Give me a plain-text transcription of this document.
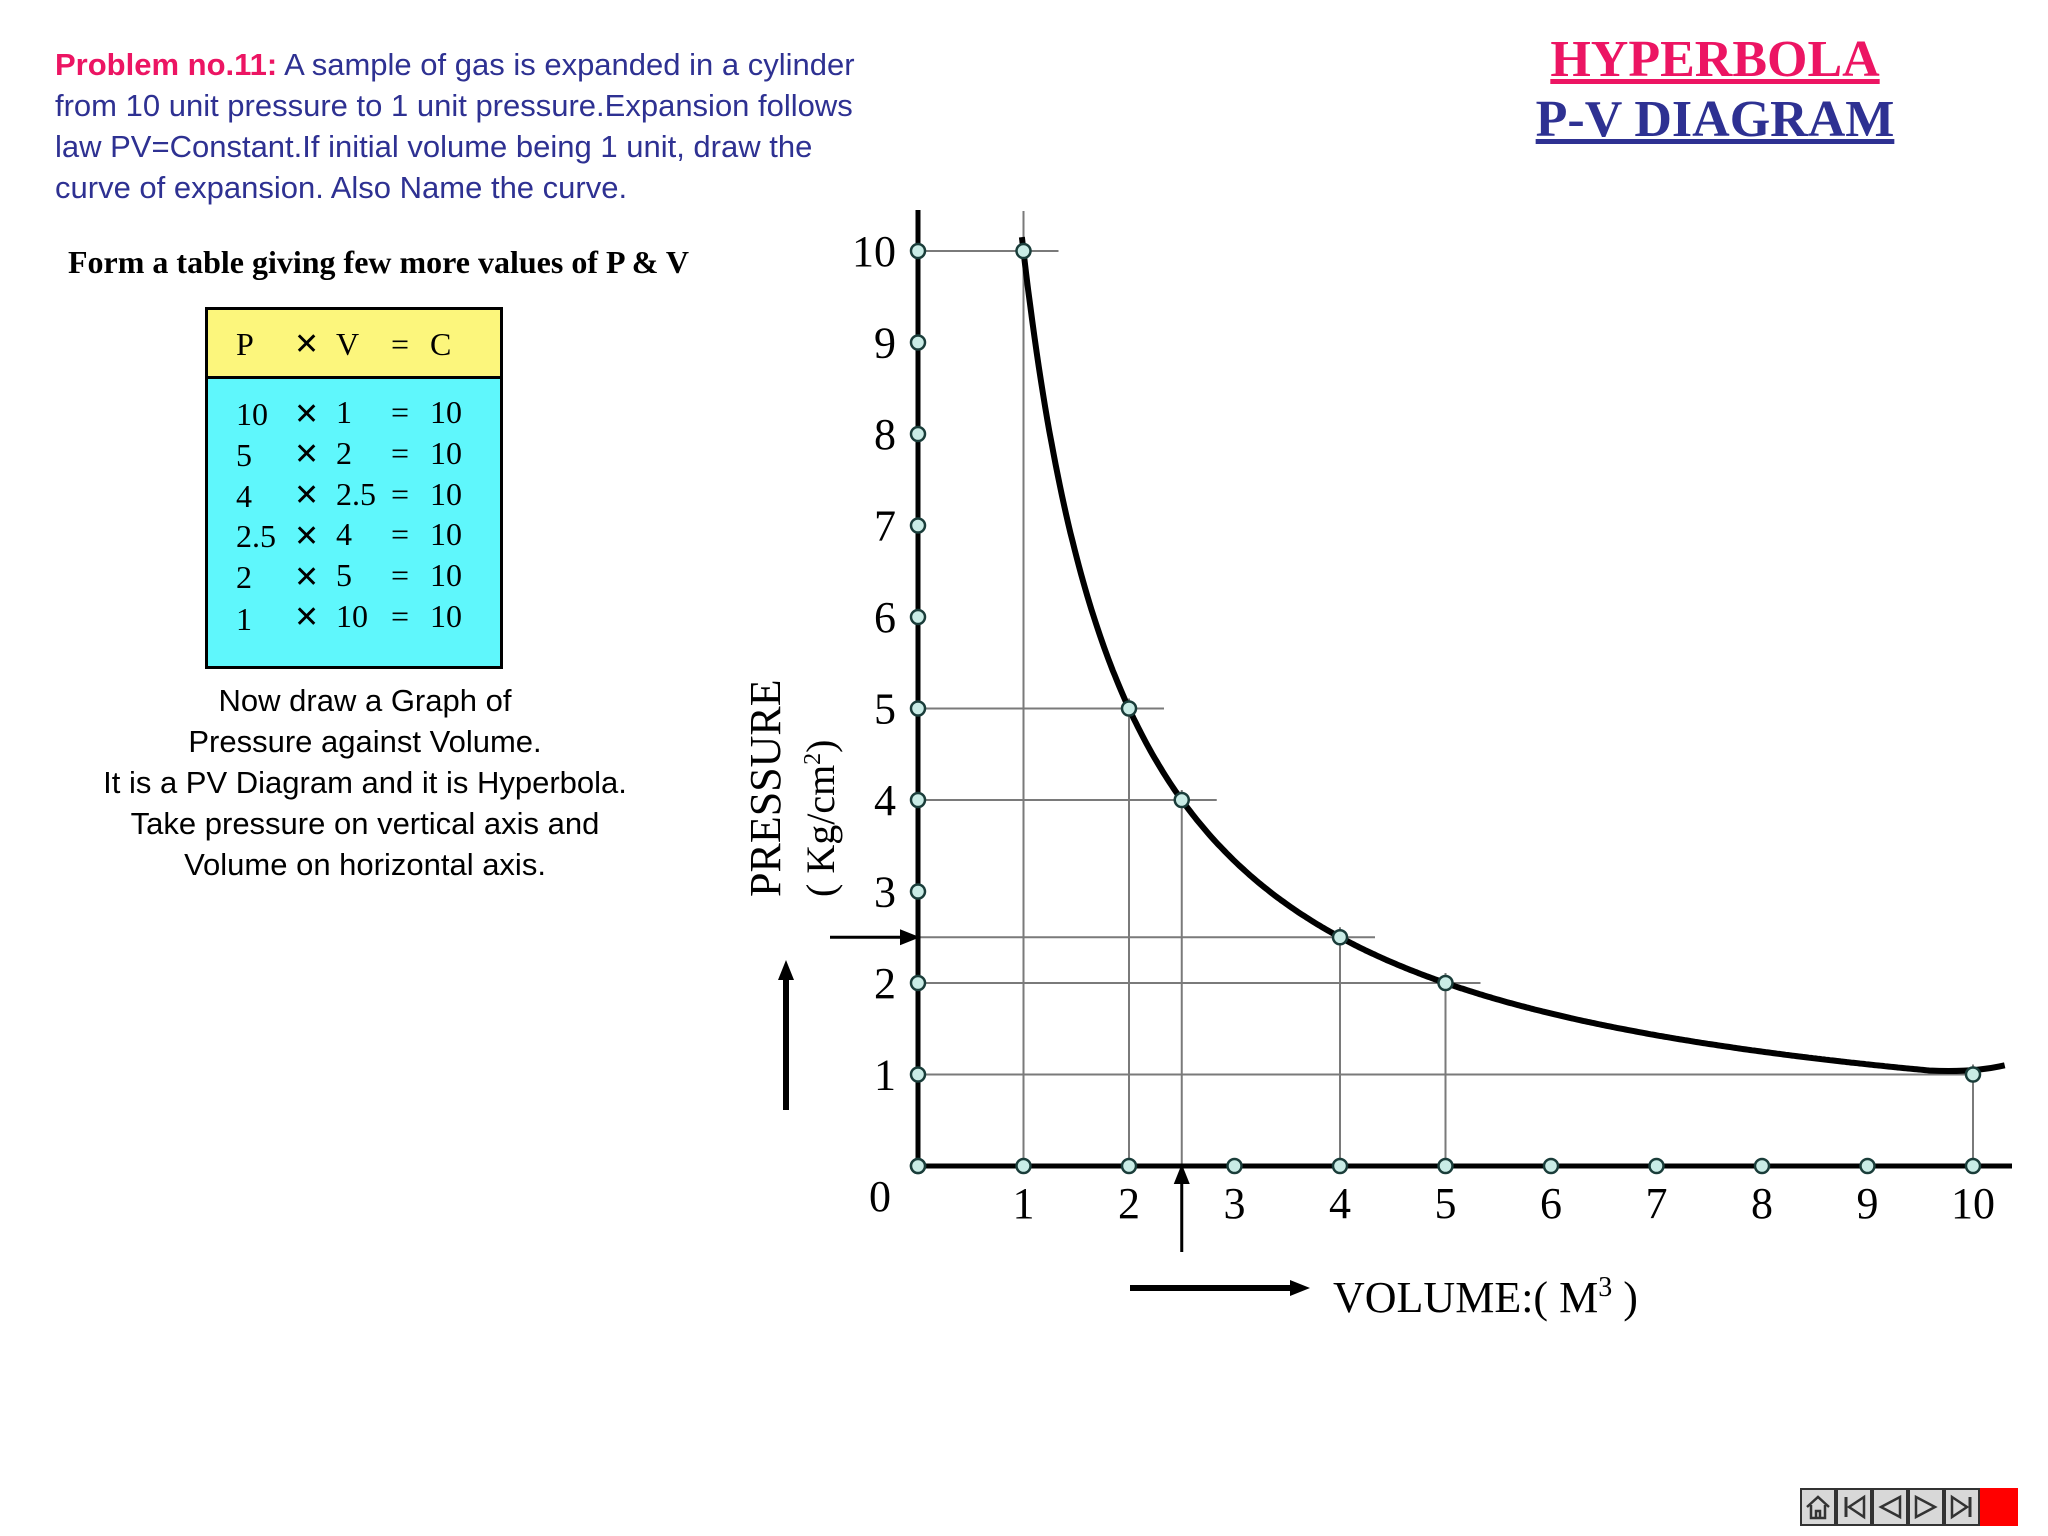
Problem no.11: A sample of gas is expanded in a cylinder
from 10 unit pressure to 1 unit pressure.Expansion follows
law PV=Constant.If initial volume being 1 unit, draw the
curve of expansion. Also Name the curve.
HYPERBOLA
P-V DIAGRAM
Form a table giving few more values of P & V
P ✕ V = C
10 ✕ 1 = 10
5 ✕ 2 = 10
4 ✕ 2.5 = 10
2.5 ✕ 4 = 10
2 ✕ 5 = 10
1 ✕ 10 = 10
Now draw a Graph of
Pressure against Volume.
It is a PV Diagram and it is Hyperbola.
Take pressure on vertical axis and
Volume on horizontal axis.
1 2 3 4 5 6 7 8 9 10
1
2
3
4
5
6
7
8
9
10
0
VOLUME:( $M^3$ )
PRESSURE ( $Kg/cm^2$)
